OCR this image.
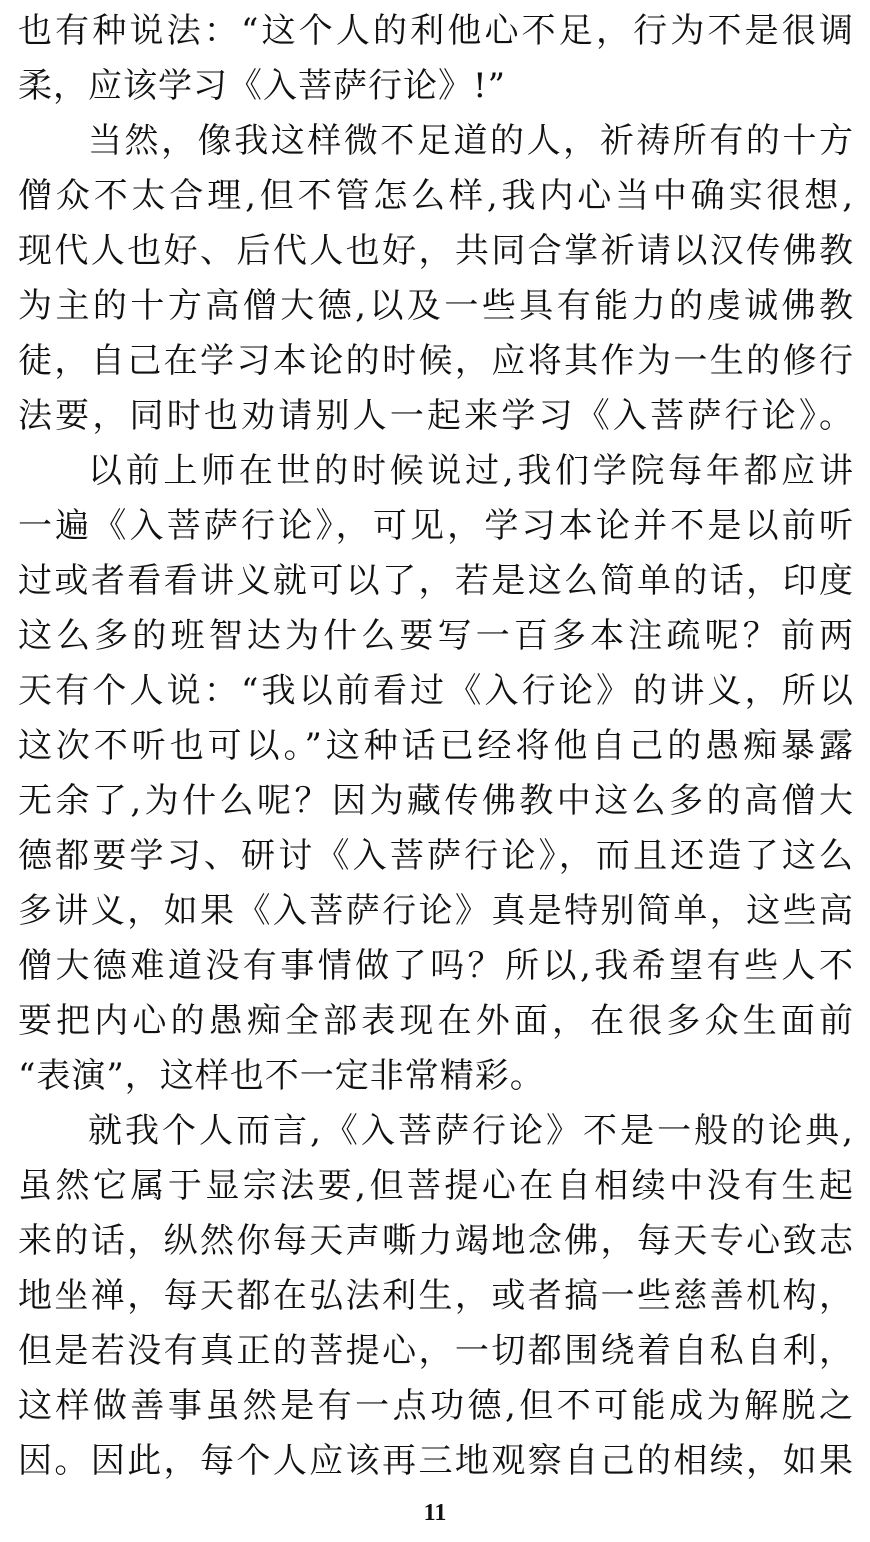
也有种说法：“这个人的利他心不足，行为不是很调
柔，应该学习《入菩萨行论》!”
当然，像我这样微不足道的人，祈祷所有的十方
僧众不太合理,但不管怎么样,我内心当中确实很想,
现代人也好、后代人也好，共同合掌祈请以汉传佛教
为主的十方高僧大德,以及一些具有能力的虔诚佛教
徒，自己在学习本论的时候，应将其作为一生的修行
法要，同时也劝请别人一起来学习《入菩萨行论》。
以前上师在世的时候说过,我们学院每年都应讲
一遍《入菩萨行论》，可见，学习本论并不是以前听
过或者看看讲义就可以了，若是这么简单的话，印度
这么多的班智达为什么要写一百多本注疏呢？前两
天有个人说：“我以前看过《入行论》的讲义，所以
这次不听也可以。”这种话已经将他自己的愚痴暴露
无余了,为什么呢？因为藏传佛教中这么多的高僧大
德都要学习、研讨《入菩萨行论》，而且还造了这么
多讲义，如果《入菩萨行论》真是特别简单，这些高
僧大德难道没有事情做了吗？所以,我希望有些人不
要把内心的愚痴全部表现在外面，在很多众生面前
“表演”，这样也不一定非常精彩。
就我个人而言,《入菩萨行论》不是一般的论典,
虽然它属于显宗法要,但菩提心在自相续中没有生起
来的话，纵然你每天声嘶力竭地念佛，每天专心致志
地坐禅，每天都在弘法利生，或者搞一些慈善机构，
但是若没有真正的菩提心，一切都围绕着自私自利，
这样做善事虽然是有一点功德,但不可能成为解脱之
因。因此，每个人应该再三地观察自己的相续，如果
11
